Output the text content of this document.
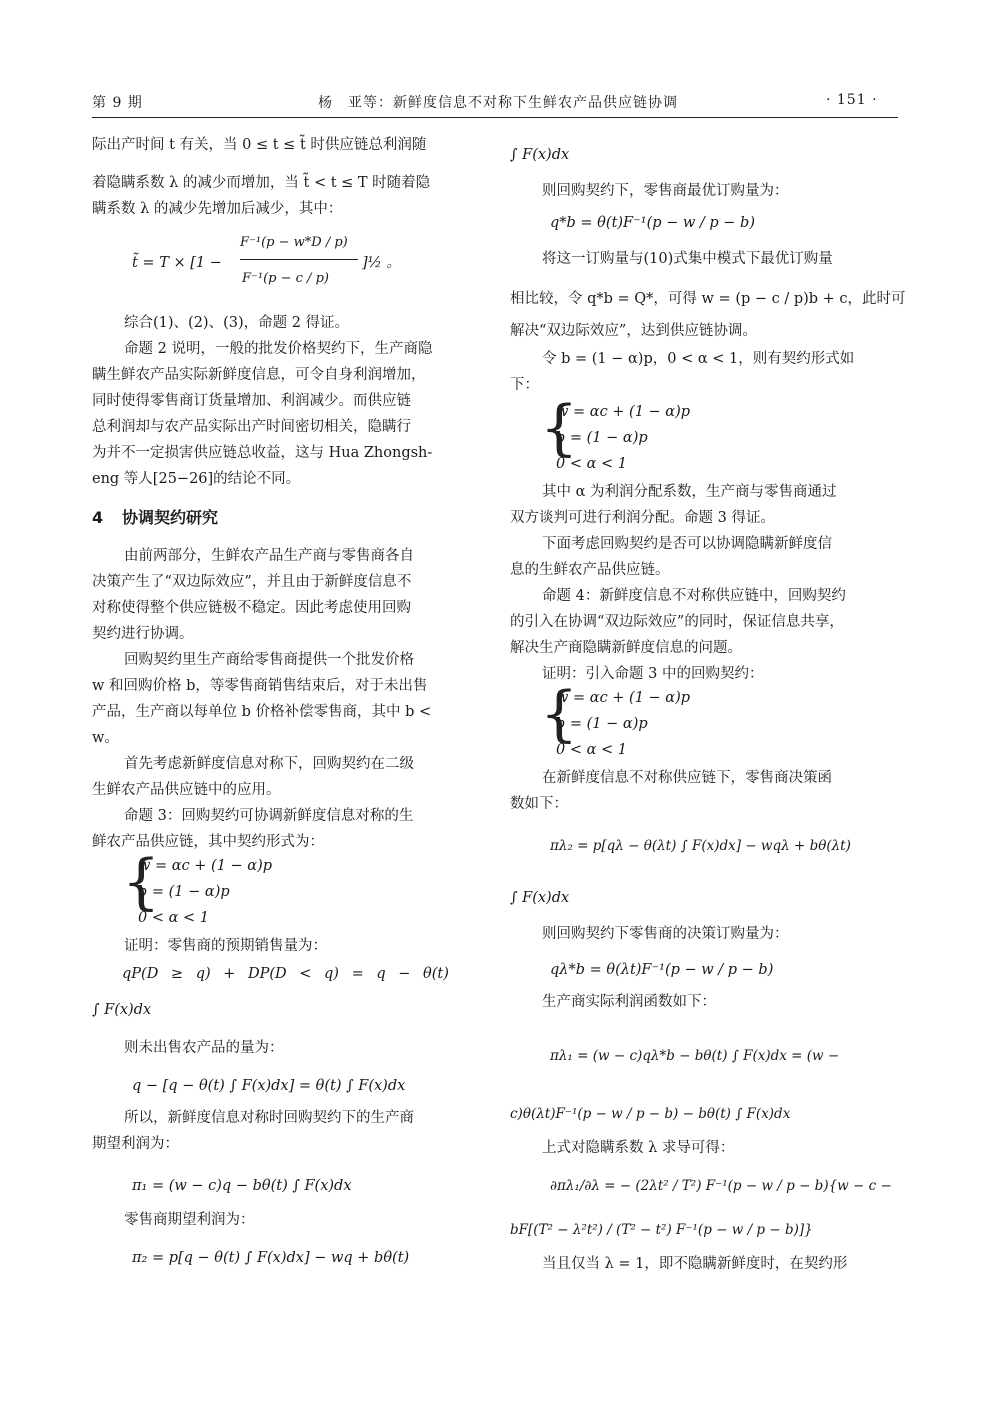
第 9 期	杨　亚等：新鲜度信息不对称下生鲜农产品供应链协调	· 151 ·
际出产时间 t 有关，当 0 ≤ t ≤ t̃ 时供应链总利润随
着隐瞒系数 λ 的减少而增加，当 t̃ < t ≤ T 时随着隐
瞒系数 λ 的减少先增加后减少，其中：
t̃ = T × [1 −
F⁻¹(p − w*D / p)
F⁻¹(p − c / p)
]½ 。
综合(1)、(2)、(3)，命题 2 得证。
命题 2 说明，一般的批发价格契约下，生产商隐
瞒生鲜农产品实际新鲜度信息，可令自身利润增加，
同时使得零售商订货量增加、利润减少。而供应链
总利润却与农产品实际出产时间密切相关，隐瞒行
为并不一定损害供应链总收益，这与 Hua Zhongsh-
eng 等人[25−26]的结论不同。
4 协调契约研究
由前两部分，生鲜农产品生产商与零售商各自
决策产生了“双边际效应”，并且由于新鲜度信息不
对称使得整个供应链极不稳定。因此考虑使用回购
契约进行协调。
回购契约里生产商给零售商提供一个批发价格
w 和回购价格 b，等零售商销售结束后，对于未出售
产品，生产商以每单位 b 价格补偿零售商，其中 b <
w。
首先考虑新鲜度信息对称下，回购契约在二级
生鲜农产品供应链中的应用。
命题 3：回购契约可协调新鲜度信息对称的生
鲜农产品供应链，其中契约形式为：
{
w = αc + (1 − α)p
b = (1 − α)p
0 < α < 1
证明：零售商的预期销售量为：
qP(D ≥ q) + DP(D < q) = q − θ(t)
∫ F(x)dx
则未出售农产品的量为：
q − [q − θ(t) ∫ F(x)dx] = θ(t) ∫ F(x)dx
所以，新鲜度信息对称时回购契约下的生产商
期望利润为：
π₁ = (w − c)q − bθ(t) ∫ F(x)dx
零售商期望利润为：
π₂ = p[q − θ(t) ∫ F(x)dx] − wq + bθ(t)
∫ F(x)dx
则回购契约下，零售商最优订购量为：
q*b = θ(t)F⁻¹(p − w / p − b)
将这一订购量与(10)式集中模式下最优订购量
相比较，令 q*b = Q*，可得 w = (p − c / p)b + c，此时可
解决“双边际效应”，达到供应链协调。
令 b = (1 − α)p，0 < α < 1，则有契约形式如
下：
{
w = αc + (1 − α)p
b = (1 − α)p
0 < α < 1
其中 α 为利润分配系数，生产商与零售商通过
双方谈判可进行利润分配。命题 3 得证。
下面考虑回购契约是否可以协调隐瞒新鲜度信
息的生鲜农产品供应链。
命题 4：新鲜度信息不对称供应链中，回购契约
的引入在协调“双边际效应”的同时，保证信息共享，
解决生产商隐瞒新鲜度信息的问题。
证明：引入命题 3 中的回购契约：
{
w = αc + (1 − α)p
b = (1 − α)p
0 < α < 1
在新鲜度信息不对称供应链下，零售商决策函
数如下：
πλ₂ = p[qλ − θ(λt) ∫ F(x)dx] − wqλ + bθ(λt)
∫ F(x)dx
则回购契约下零售商的决策订购量为：
qλ*b = θ(λt)F⁻¹(p − w / p − b)
生产商实际利润函数如下：
πλ₁ = (w − c)qλ*b − bθ(t) ∫ F(x)dx = (w −
c)θ(λt)F⁻¹(p − w / p − b) − bθ(t) ∫ F(x)dx
上式对隐瞒系数 λ 求导可得：
∂πλ₁/∂λ = − (2λt² / T²) F⁻¹(p − w / p − b){w − c −
bF[(T² − λ²t²) / (T² − t²) F⁻¹(p − w / p − b)]}
当且仅当 λ = 1，即不隐瞒新鲜度时，在契约形
